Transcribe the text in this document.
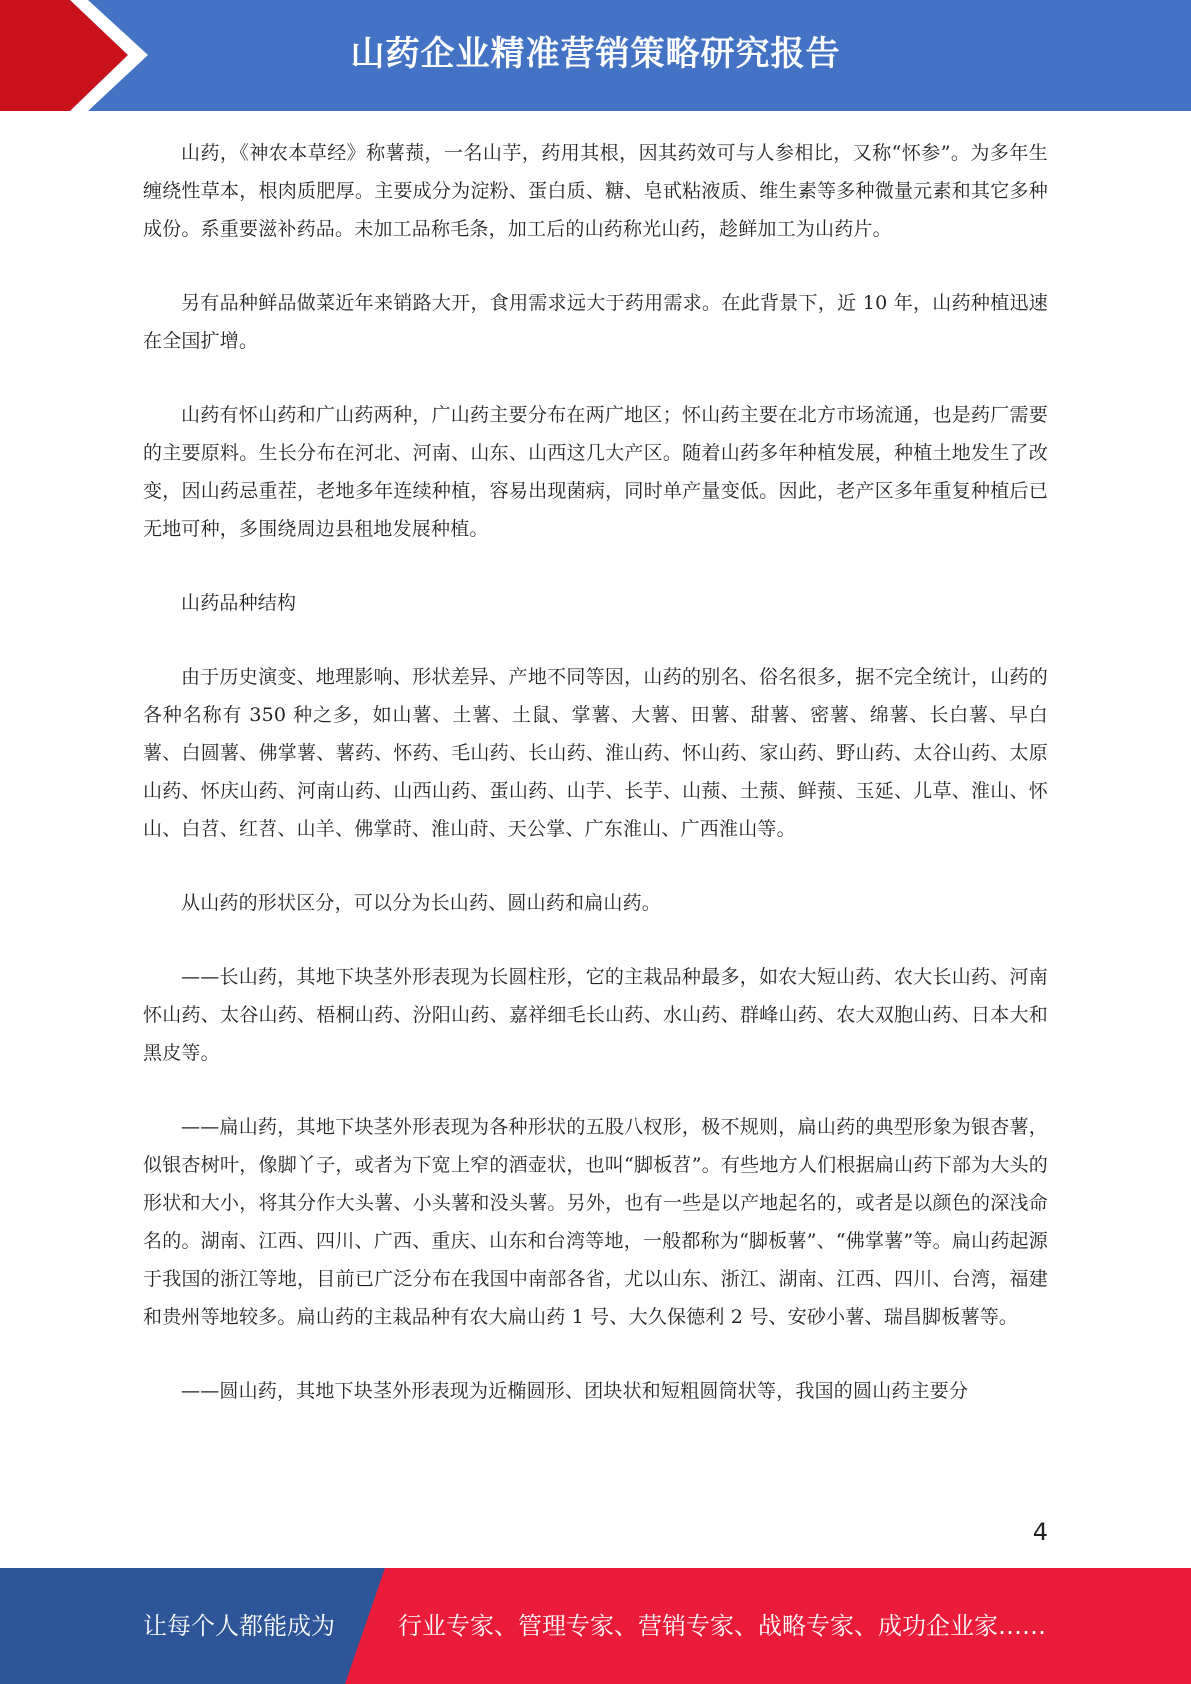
山药企业精准营销策略研究报告

山药，《神农本草经》称薯蓣，一名山芋，药用其根，因其药效可与人参相比，又称“怀参”。为多年生缠绕性草本，根肉质肥厚。主要成分为淀粉、蛋白质、糖、皂甙粘液质、维生素等多种微量元素和其它多种成份。系重要滋补药品。未加工品称毛条，加工后的山药称光山药，趁鲜加工为山药片。

另有品种鲜品做菜近年来销路大开，食用需求远大于药用需求。在此背景下，近 10 年，山药种植迅速在全国扩增。

山药有怀山药和广山药两种，广山药主要分布在两广地区；怀山药主要在北方市场流通，也是药厂需要的主要原料。生长分布在河北、河南、山东、山西这几大产区。随着山药多年种植发展，种植土地发生了改变，因山药忌重茬，老地多年连续种植，容易出现菌病，同时单产量变低。因此，老产区多年重复种植后已无地可种，多围绕周边县租地发展种植。

山药品种结构

由于历史演变、地理影响、形状差异、产地不同等因，山药的别名、俗名很多，据不完全统计，山药的各种名称有 350 种之多，如山薯、土薯、土鼠、掌薯、大薯、田薯、甜薯、密薯、绵薯、长白薯、早白薯、白圆薯、佛掌薯、薯药、怀药、毛山药、长山药、淮山药、怀山药、家山药、野山药、太谷山药、太原山药、怀庆山药、河南山药、山西山药、蛋山药、山芋、长芋、山蓣、土蓣、鲜蓣、玉延、儿草、淮山、怀山、白苕、红苕、山羊、佛掌莳、淮山莳、天公掌、广东淮山、广西淮山等。

从山药的形状区分，可以分为长山药、圆山药和扁山药。

——长山药，其地下块茎外形表现为长圆柱形，它的主栽品种最多，如农大短山药、农大长山药、河南怀山药、太谷山药、梧桐山药、汾阳山药、嘉祥细毛长山药、水山药、群峰山药、农大双胞山药、日本大和黑皮等。

——扁山药，其地下块茎外形表现为各种形状的五股八杈形，极不规则，扁山药的典型形象为银杏薯，似银杏树叶，像脚丫子，或者为下宽上窄的酒壶状，也叫“脚板苕”。有些地方人们根据扁山药下部为大头的形状和大小，将其分作大头薯、小头薯和没头薯。另外，也有一些是以产地起名的，或者是以颜色的深浅命名的。湖南、江西、四川、广西、重庆、山东和台湾等地，一般都称为“脚板薯”、“佛掌薯”等。扁山药起源于我国的浙江等地，目前已广泛分布在我国中南部各省，尤以山东、浙江、湖南、江西、四川、台湾，福建和贵州等地较多。扁山药的主栽品种有农大扁山药 1 号、大久保德利 2 号、安砂小薯、瑞昌脚板薯等。

——圆山药，其地下块茎外形表现为近椭圆形、团块状和短粗圆筒状等，我国的圆山药主要分

4
让每个人都能成为	行业专家、管理专家、营销专家、战略专家、成功企业家……
